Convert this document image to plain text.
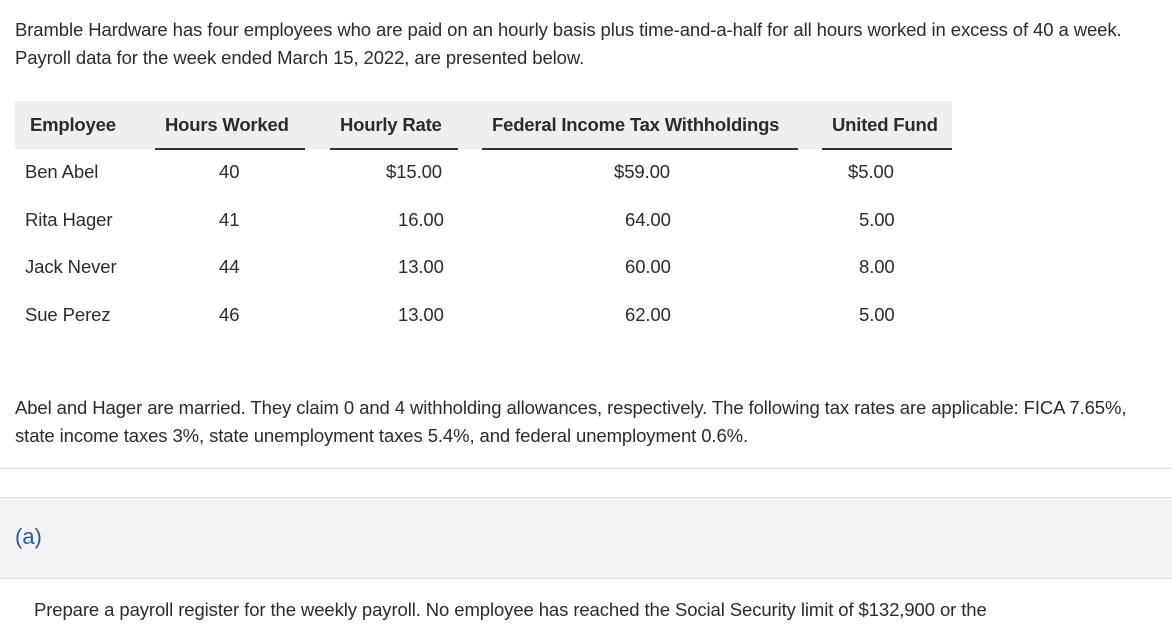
Bramble Hardware has four employees who are paid on an hourly basis plus time-and-a-half for all hours worked in excess of 40 a week. Payroll data for the week ended March 15, 2022, are presented below.
Employee	Hours Worked	Hourly Rate	Federal Income Tax Withholdings	United Fund
Ben Abel	40	$15.00	$59.00	$5.00
Rita Hager	41	16.00	64.00	5.00
Jack Never	44	13.00	60.00	8.00
Sue Perez	46	13.00	62.00	5.00
Abel and Hager are married. They claim 0 and 4 withholding allowances, respectively. The following tax rates are applicable: FICA 7.65%, state income taxes 3%, state unemployment taxes 5.4%, and federal unemployment 0.6%.
(a)
Prepare a payroll register for the weekly payroll. No employee has reached the Social Security limit of $132,900 or the
